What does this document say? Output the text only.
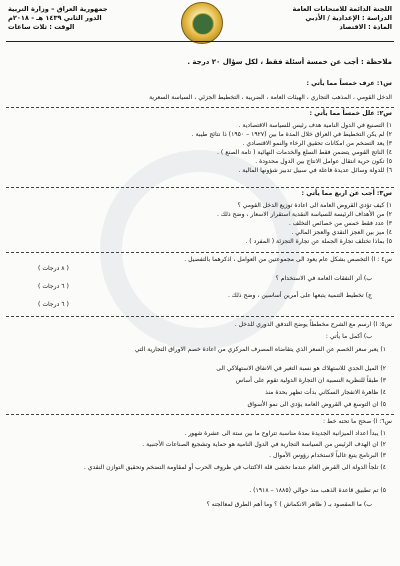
اللجنة الدائمة للامتحانات العامة
الدراسة : الإعدادية / الأدبي
المادة : الاقتصاد
جمهورية العراق – وزارة التربية
الدور الثاني ١٤٣٩ هـ - ٢٠١٨م
الوقت : ثلاث ساعات
ملاحظة : أجب عن خمسة أسئلة فقط ، لكل سؤال ٢٠ درجة .
س١: عرف خمساً مما يأتي :
الدخل القومي ، المذهب التجاري ، الهيئات العامة ، الضريبة ، التخطيط الجزئي ، السياسة السعرية
س٢: علل خمساً مما يأتي :
١) التصنيع في الدول النامية هدف رئيس للسياسة الاقتصادية .
٢) لم يكن التخطيط في العراق خلال المدة ما بين (١٩٢٧ – ١٩٥٠) ذا نتائج طيبة .
٣) يعد التضخم من امكانات تحقيق الرخاء والنمو الاقتصادي .
٤) الناتج القومي يتضمن فقط السلع والخدمات النهائية ( تامة الصنع ) .
٥) تكون حرية انتقال عوامل الانتاج بين الدول محدودة .
٦) للدولة وسائل عديدة فاعلة في سبيل تدبير شؤونها المالية .
س٣: أجب عن اربع مما يأتي :
١) كيف تؤدي القروض العامة الى اعادة توزيع الدخل القومي ؟
٢) من الأهداف الرئيسة للسياسة النقدية استقرار الاسعار ، وضح ذلك .
٣) عدد فقط خمس من خصائص التخلف .
٤) ميز بين العجز النقدي والعجز المالي .
٥) بماذا تختلف تجارة الجملة عن تجارة التجزئة ( المفرد ) .
س٤ : ا) التخصص بشكل عام يعود الى مجموعتين من العوامل ، اذكرهما بالتفصيل .
( ٨ درجات )
ب) أثر النفقات العامة في الاستخدام ؟
( ٦ درجات )
ج) تخطيط التنمية يتبعها على أمرين أساسين ، وضح ذلك .
( ٦ درجات )
س٥: ا) ارسم مع الشرح مخططاً يوضح التدفق الدوري للدخل .
ب) أكمل ما يأتي :
١) يعبر سعر الخصم عن السعر الذي يتقاضاه المصرف المركزي من اعادة خصم الاوراق التجارية التي
٢) الميل الحدي للاستهلاك هو نسبة التغير في الانفاق الاستهلاكي الى
٣) طبقاً للنظرية النسبية ان التجارة الدولية تقوم على أساس
٤) ظاهرة الانفجار السكاني بدأت تظهر بحدة منذ
٥) ان التوسع في القروض العامة يؤدي الى نمو الأسواق
س٦: ا) صحح ما تحته خط :
١) يبدأ اعداد الميزانية الجديدة بمدة مناسبة تتراوح ما بين ستة الى عشرة شهور .
٢) ان الهدف الرئيس من السياسة التجارية في الدول النامية هو حماية وتشجيع الصناعات الأجنبية .
٣) البرنامج يتبع غالباً لاستخدام رؤوس الأموال .
٤) تلجأ الدولة الى القرض العام عندما تخشى قلة الاكتتاب في ظروف الحرب أو لمقاومة التضخم وتحقيق التوازن النقدي .
٥) تم تطبيق قاعدة الذهب منذ حوالي (١٨٨٥ – ١٩١٨) .
ب) ما المقصود بـ ( ظاهر الانكماش ) ؟ وما أهم الطرق لمعالجته ؟
